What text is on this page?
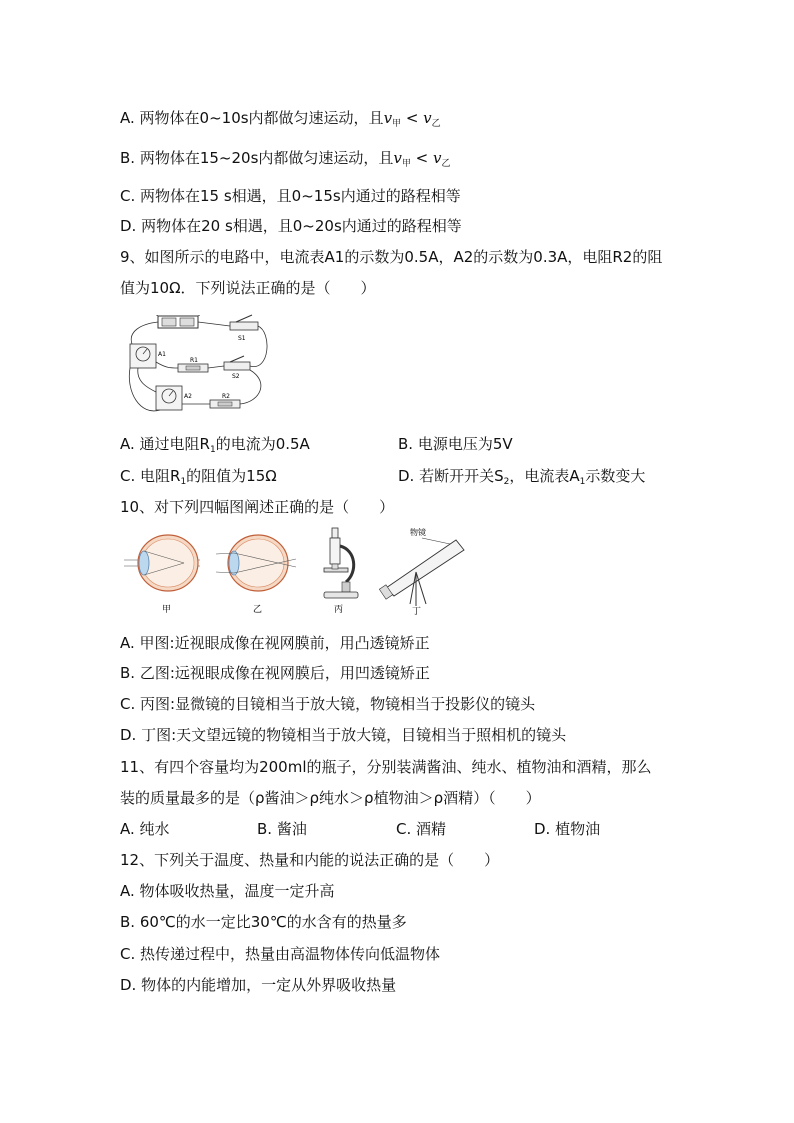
A. 两物体在0~10s内都做匀速运动，且$v_甲 < v_乙$
B. 两物体在15~20s内都做匀速运动，且$v_甲 < v_乙$
C. 两物体在15 s相遇，且0~15s内通过的路程相等
D. 两物体在20 s相遇，且0~20s内通过的路程相等
9、如图所示的电路中，电流表A1的示数为0.5A，A2的示数为0.3A，电阻R2的阻
值为10Ω．下列说法正确的是（　　）
-	-
S1
A1
R1
S2
A2	R2
A. 通过电阻$R_1$的电流为0.5A	B. 电源电压为5V
C. 电阻$R_1$的阻值为15Ω	D. 若断开开关$S_2$，电流表$A_1$示数变大
10、对下列四幅图阐述正确的是（　　）
甲	乙	丙
物镜
丁
A. 甲图:近视眼成像在视网膜前，用凸透镜矫正
B. 乙图:远视眼成像在视网膜后，用凹透镜矫正
C. 丙图:显微镜的目镜相当于放大镜，物镜相当于投影仪的镜头
D. 丁图:天文望远镜的物镜相当于放大镜，目镜相当于照相机的镜头
11、有四个容量均为200ml的瓶子，分别装满酱油、纯水、植物油和酒精，那么
装的质量最多的是（ρ酱油＞ρ纯水＞ρ植物油＞ρ酒精）（　　）
A. 纯水	B. 酱油	C. 酒精	D. 植物油
12、下列关于温度、热量和内能的说法正确的是（　　）
A. 物体吸收热量，温度一定升高
B. 60℃的水一定比30℃的水含有的热量多
C. 热传递过程中，热量由高温物体传向低温物体
D. 物体的内能增加，一定从外界吸收热量
